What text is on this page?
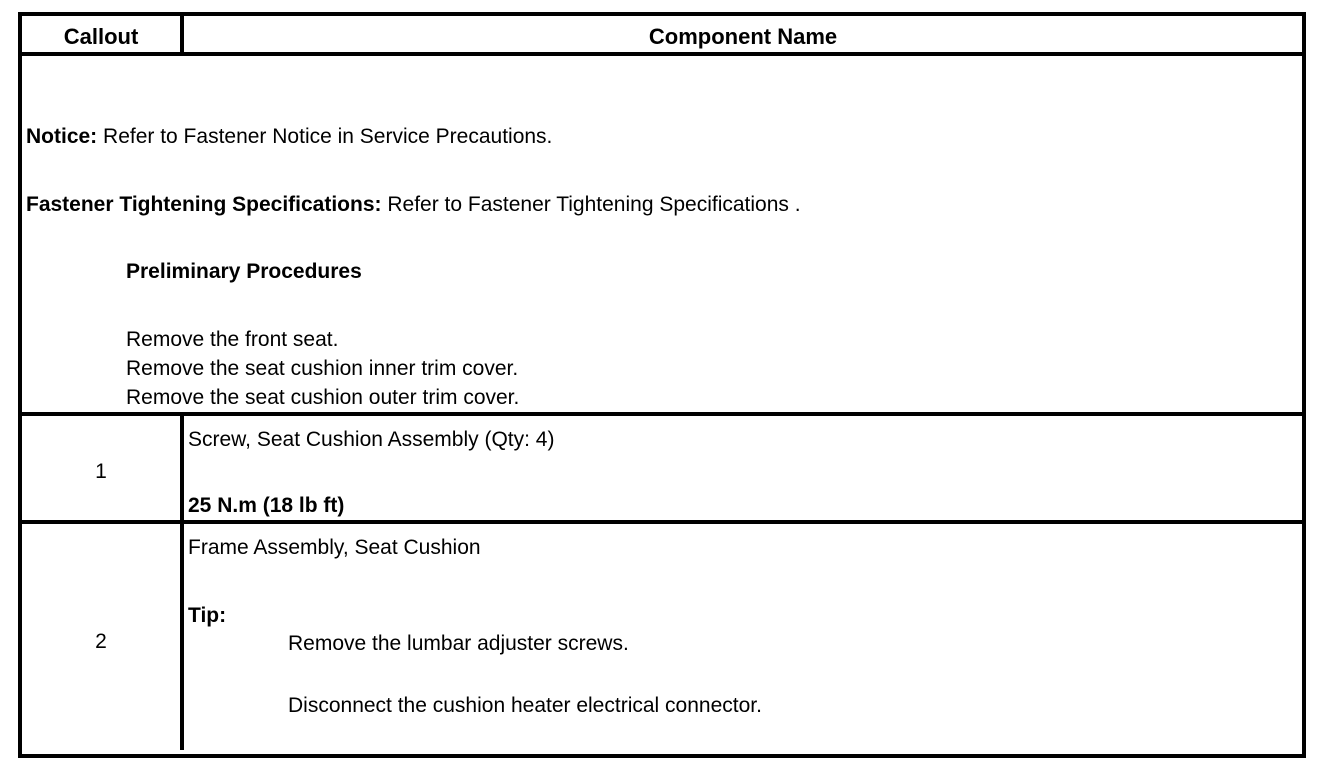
Callout	Component Name
Notice: Refer to Fastener Notice in Service Precautions.
Fastener Tightening Specifications: Refer to Fastener Tightening Specifications .
Preliminary Procedures
Remove the front seat.
Remove the seat cushion inner trim cover.
Remove the seat cushion outer trim cover.
1
Screw, Seat Cushion Assembly (Qty: 4)
25 N.m (18 lb ft)
2
Frame Assembly, Seat Cushion
Tip:
Remove the lumbar adjuster screws.
Disconnect the cushion heater electrical connector.
